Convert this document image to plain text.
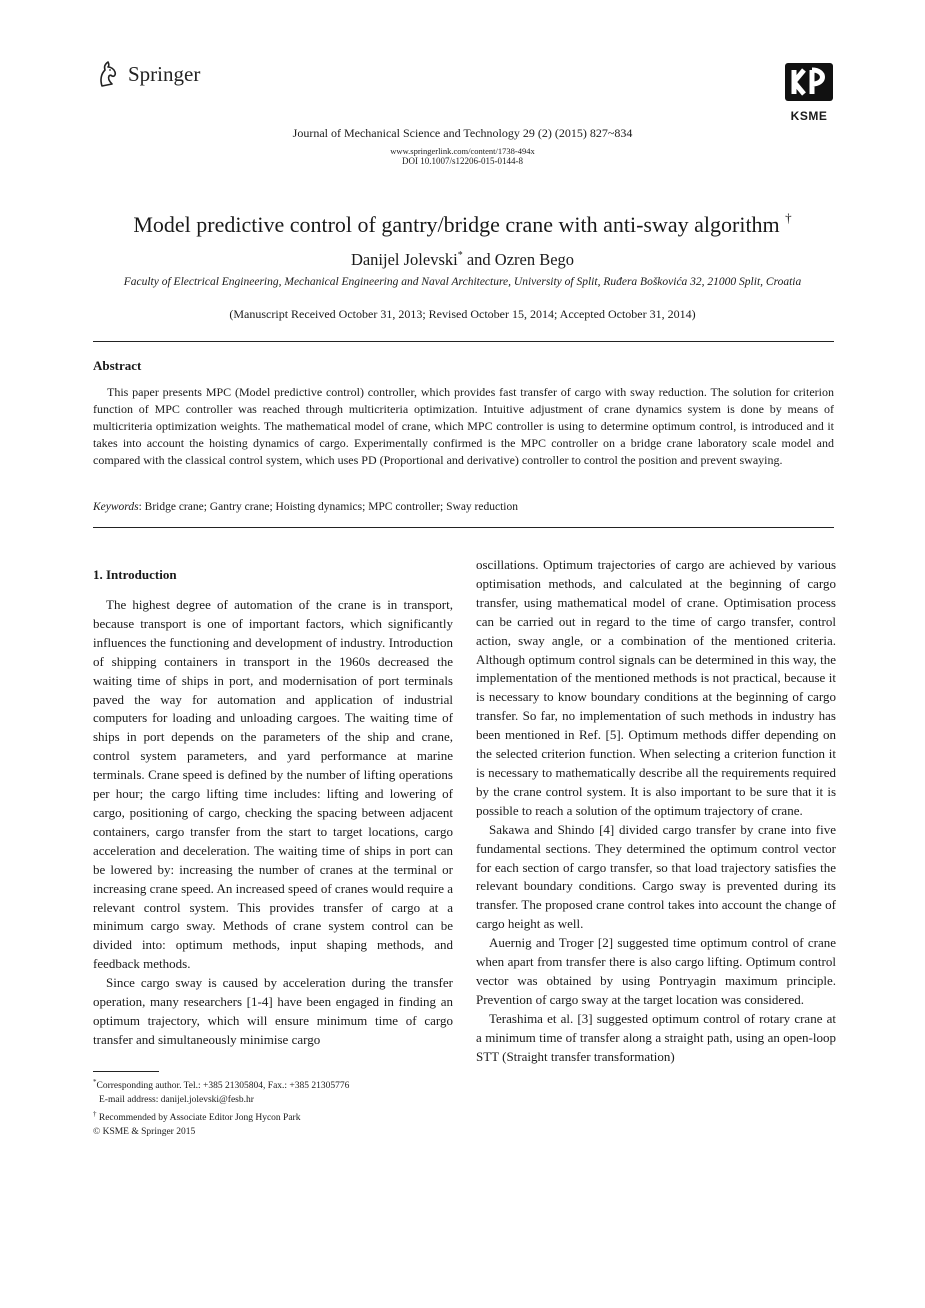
Springer
KSME
Journal of Mechanical Science and Technology 29 (2) (2015) 827~834
www.springerlink.com/content/1738-494x
DOI 10.1007/s12206-015-0144-8
Model predictive control of gantry/bridge crane with anti-sway algorithm †
Danijel Jolevski* and Ozren Bego
Faculty of Electrical Engineering, Mechanical Engineering and Naval Architecture, University of Split, Ruđera Boškovića 32, 21000 Split, Croatia
(Manuscript Received October 31, 2013; Revised October 15, 2014; Accepted October 31, 2014)
Abstract

This paper presents MPC (Model predictive control) controller, which provides fast transfer of cargo with sway reduction. The solution for criterion function of MPC controller was reached through multicriteria optimization. Intuitive adjustment of crane dynamics system is done by means of multicriteria optimization weights. The mathematical model of crane, which MPC controller is using to determine optimum control, is introduced and it takes into account the hoisting dynamics of cargo. Experimentally confirmed is the MPC controller on a bridge crane laboratory scale model and compared with the classical control system, which uses PD (Proportional and derivative) controller to control the position and prevent swaying.

Keywords: Bridge crane; Gantry crane; Hoisting dynamics; MPC controller; Sway reduction
1. Introduction

The highest degree of automation of the crane is in transport, because transport is one of important factors, which significantly influences the functioning and development of industry. Introduction of shipping containers in transport in the 1960s decreased the waiting time of ships in port, and modernisation of port terminals paved the way for automation and application of industrial computers for loading and unloading cargoes. The waiting time of ships in port depends on the parameters of the ship and crane, control system parameters, and yard performance at marine terminals. Crane speed is defined by the number of lifting operations per hour; the cargo lifting time includes: lifting and lowering of cargo, positioning of cargo, checking the spacing between adjacent containers, cargo transfer from the start to target locations, cargo acceleration and deceleration. The waiting time of ships in port can be lowered by: increasing the number of cranes at the terminal or increasing crane speed. An increased speed of cranes would require a relevant control system. This provides transfer of cargo at a minimum cargo sway. Methods of crane system control can be divided into: optimum methods, input shaping methods, and feedback methods.

Since cargo sway is caused by acceleration during the transfer operation, many researchers [1-4] have been engaged in finding an optimum trajectory, which will ensure minimum time of cargo transfer and simultaneously minimise cargo

oscillations. Optimum trajectories of cargo are achieved by various optimisation methods, and calculated at the beginning of cargo transfer, using mathematical model of crane. Optimisation process can be carried out in regard to the time of cargo transfer, control action, sway angle, or a combination of the mentioned criteria. Although optimum control signals can be determined in this way, the implementation of the mentioned methods is not practical, because it is necessary to know boundary conditions at the beginning of cargo transfer. So far, no implementation of such methods in industry has been mentioned in Ref. [5]. Optimum methods differ depending on the selected criterion function. When selecting a criterion function it is necessary to mathematically describe all the requirements required by the crane control system. It is also important to be sure that it is possible to reach a solution of the optimum trajectory of crane.

Sakawa and Shindo [4] divided cargo transfer by crane into five fundamental sections. They determined the optimum control vector for each section of cargo transfer, so that load trajectory satisfies the relevant boundary conditions. Cargo sway is prevented during its transfer. The proposed crane control takes into account the change of cargo height as well.

Auernig and Troger [2] suggested time optimum control of crane when apart from transfer there is also cargo lifting. Optimum control vector was obtained by using Pontryagin maximum principle. Prevention of cargo sway at the target location was considered.

Terashima et al. [3] suggested optimum control of rotary crane at a minimum time of transfer along a straight path, using an open-loop STT (Straight transfer transformation)

*Corresponding author. Tel.: +385 21305804, Fax.: +385 21305776
E-mail address: danijel.jolevski@fesb.hr
† Recommended by Associate Editor Jong Hycon Park
© KSME & Springer 2015
